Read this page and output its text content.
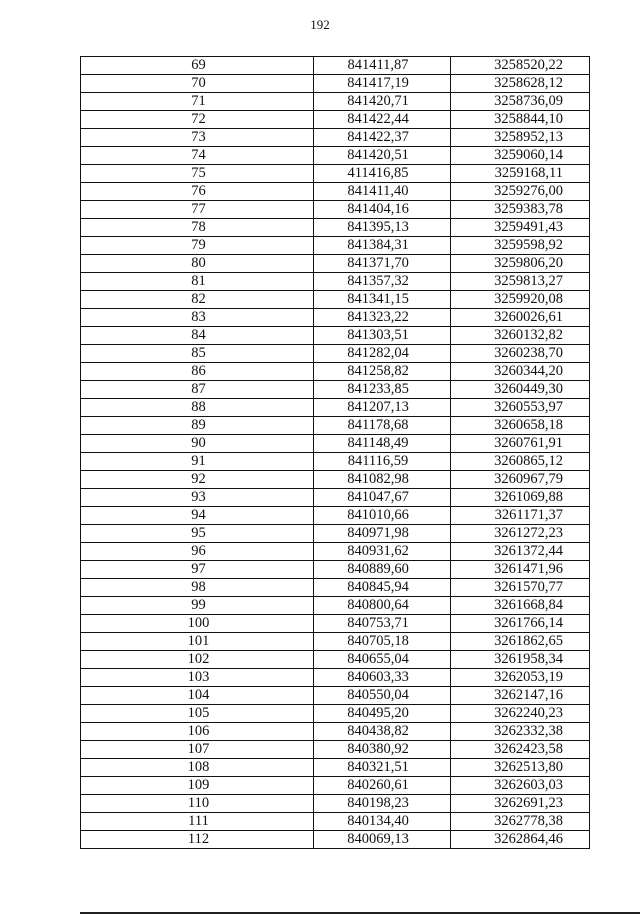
192
69	841411,87	3258520,22
70	841417,19	3258628,12
71	841420,71	3258736,09
72	841422,44	3258844,10
73	841422,37	3258952,13
74	841420,51	3259060,14
75	411416,85	3259168,11
76	841411,40	3259276,00
77	841404,16	3259383,78
78	841395,13	3259491,43
79	841384,31	3259598,92
80	841371,70	3259806,20
81	841357,32	3259813,27
82	841341,15	3259920,08
83	841323,22	3260026,61
84	841303,51	3260132,82
85	841282,04	3260238,70
86	841258,82	3260344,20
87	841233,85	3260449,30
88	841207,13	3260553,97
89	841178,68	3260658,18
90	841148,49	3260761,91
91	841116,59	3260865,12
92	841082,98	3260967,79
93	841047,67	3261069,88
94	841010,66	3261171,37
95	840971,98	3261272,23
96	840931,62	3261372,44
97	840889,60	3261471,96
98	840845,94	3261570,77
99	840800,64	3261668,84
100	840753,71	3261766,14
101	840705,18	3261862,65
102	840655,04	3261958,34
103	840603,33	3262053,19
104	840550,04	3262147,16
105	840495,20	3262240,23
106	840438,82	3262332,38
107	840380,92	3262423,58
108	840321,51	3262513,80
109	840260,61	3262603,03
110	840198,23	3262691,23
111	840134,40	3262778,38
112	840069,13	3262864,46
